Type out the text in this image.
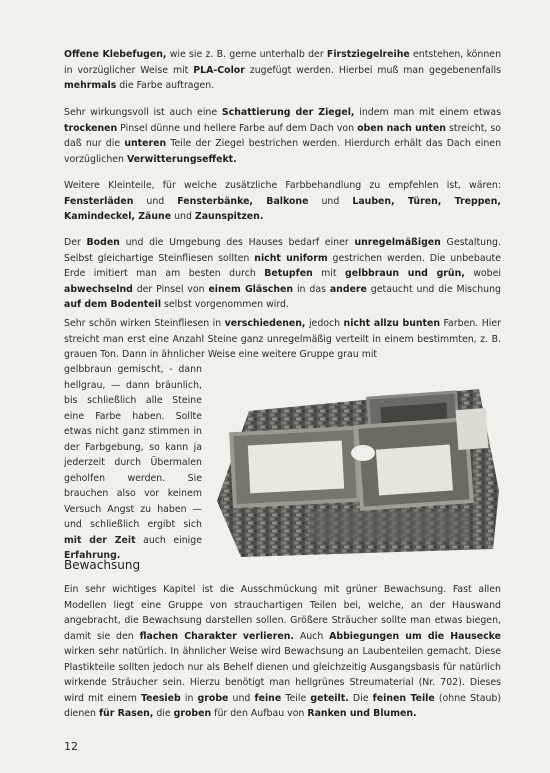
Offene Klebefugen, wie sie z. B. gerne unterhalb der Firstziegelreihe entstehen, können in vorzüglicher Weise mit PLA-Color zugefügt werden. Hierbei muß man gegebenenfalls mehrmals die Farbe auftragen.

Sehr wirkungsvoll ist auch eine Schattierung der Ziegel, indem man mit einem etwas trockenen Pinsel dünne und hellere Farbe auf dem Dach von oben nach unten streicht, so daß nur die unteren Teile der Ziegel bestrichen werden. Hierdurch erhält das Dach einen vorzüglichen Verwitterungseffekt.

Weitere Kleinteile, für welche zusätzliche Farbbehandlung zu empfehlen ist, wären: Fensterläden und Fensterbänke, Balkone und Lauben, Türen, Treppen, Kamindeckel, Zäune und Zaunspitzen.

Der Boden und die Umgebung des Hauses bedarf einer unregelmäßigen Gestaltung. Selbst gleichartige Steinfliesen sollten nicht uniform gestrichen werden. Die unbebaute Erde imitiert man am besten durch Betupfen mit gelbbraun und grün, wobei abwechselnd der Pinsel von einem Gläschen in das andere getaucht und die Mischung auf dem Bodenteil selbst vorgenommen wird.

Sehr schön wirken Steinfliesen in verschiedenen, jedoch nicht allzu bunten Farben. Hier streicht man erst eine Anzahl Steine ganz unregelmäßig verteilt in einem bestimmten, z. B. grauen Ton. Dann in ähnlicher Weise eine weitere Gruppe grau mit

gelbbraun gemischt, - dann hellgrau, — dann bräunlich, bis schließlich alle Steine eine Farbe haben. Sollte etwas nicht ganz stimmen in der Farbgebung, so kann ja jederzeit durch Übermalen geholfen werden. Sie brauchen also vor keinem Versuch Angst zu haben — und schließlich ergibt sich mit der Zeit auch einige Erfahrung.

Bewachsung

Ein sehr wichtiges Kapitel ist die Ausschmückung mit grüner Bewachsung. Fast allen Modellen liegt eine Gruppe von strauchartigen Teilen bei, welche, an der Hauswand angebracht, die Bewachsung darstellen sollen. Größere Sträucher sollte man etwas biegen, damit sie den flachen Charakter verlieren. Auch Abbiegungen um die Hausecke wirken sehr natürlich. In ähnlicher Weise wird Bewachsung an Laubenteilen gemacht. Diese Plastikteile sollten jedoch nur als Behelf dienen und gleichzeitig Ausgangsbasis für natürlich wirkende Sträucher sein. Hierzu benötigt man hellgrünes Streumaterial (Nr. 702). Dieses wird mit einem Teesieb in grobe und feine Teile geteilt. Die feinen Teile (ohne Staub) dienen für Rasen, die groben für den Aufbau von Ranken und Blumen.

12
